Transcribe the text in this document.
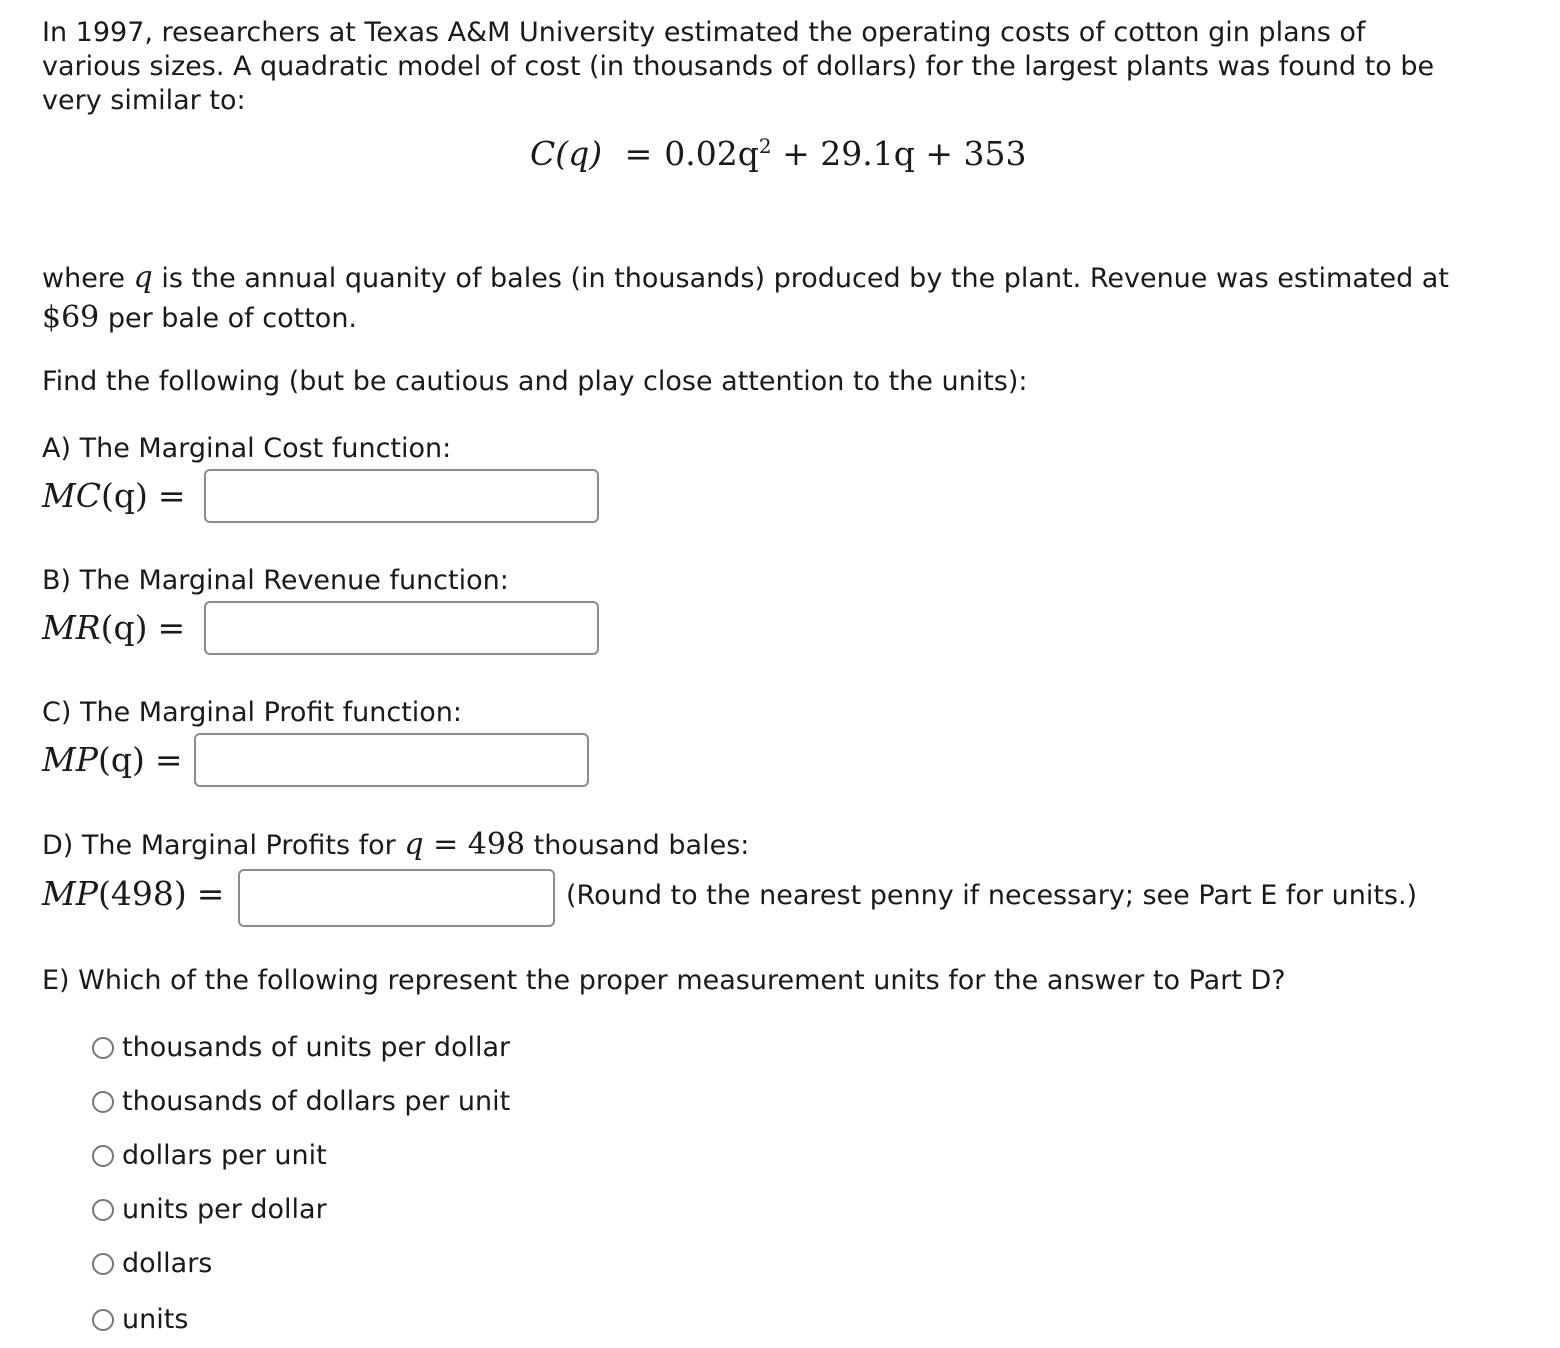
In 1997, researchers at Texas A&M University estimated the operating costs of cotton gin plans of various sizes. A quadratic model of cost (in thousands of dollars) for the largest plants was found to be very similar to:

$C(q) = 0.02q^2 + 29.1q + 353$

where q is the annual quanity of bales (in thousands) produced by the plant. Revenue was estimated at $69 per bale of cotton.

Find the following (but be cautious and play close attention to the units):

A) The Marginal Cost function:
MC(q) =
B) The Marginal Revenue function:
MR(q) =
C) The Marginal Profit function:
MP(q) =
D) The Marginal Profits for q = 498 thousand bales:
MP(498) =	(Round to the nearest penny if necessary; see Part E for units.)
E) Which of the following represent the proper measurement units for the answer to Part D?
thousands of units per dollar
thousands of dollars per unit
dollars per unit
units per dollar
dollars
units
